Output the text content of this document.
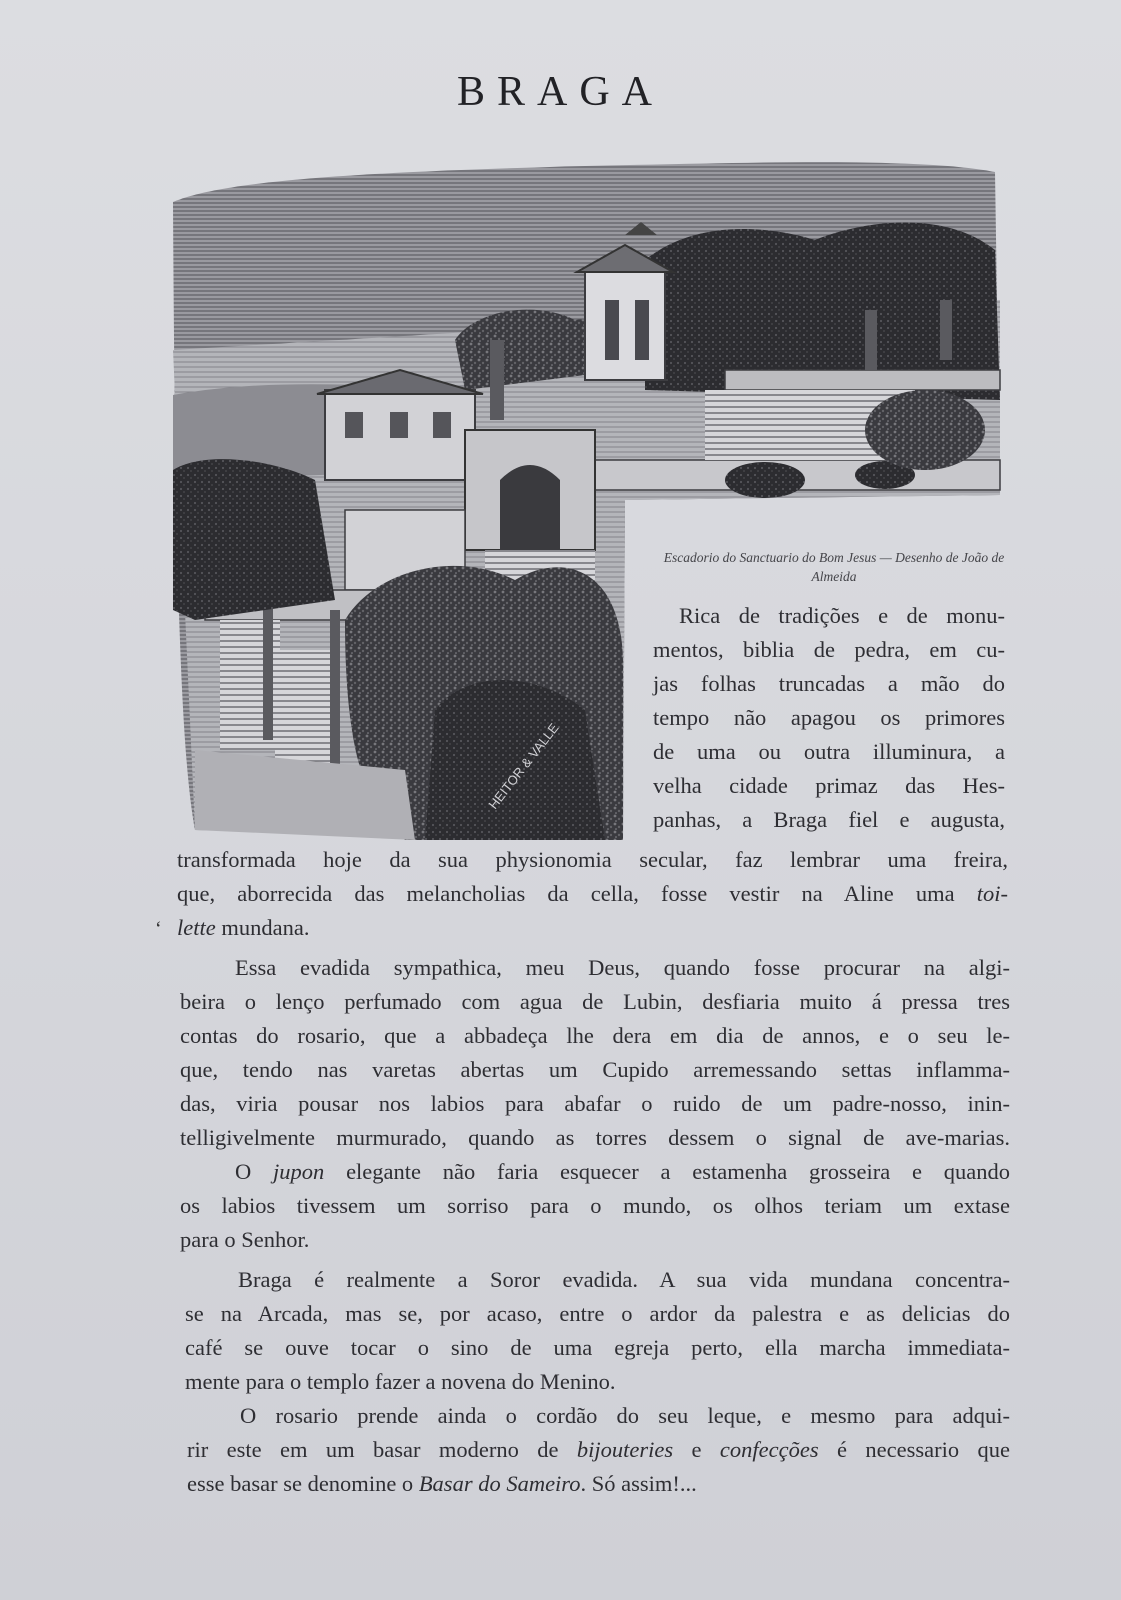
BRAGA
HEITOR & VALLE
Escadorio do Sanctuario do Bom Jesus — Desenho de João de Almeida
Rica de tradições e de monu-
mentos, biblia de pedra, em cu-
jas folhas truncadas a mão do
tempo não apagou os primores
de uma ou outra illuminura, a
velha cidade primaz das Hes-
panhas, a Braga fiel e augusta,
transformada hoje da sua physionomia secular, faz lembrar uma freira,
que, aborrecida das melancholias da cella, fosse vestir na Aline uma toi-
lette mundana.
Essa evadida sympathica, meu Deus, quando fosse procurar na algi-
beira o lenço perfumado com agua de Lubin, desfiaria muito á pressa tres
contas do rosario, que a abbadeça lhe dera em dia de annos, e o seu le-
que, tendo nas varetas abertas um Cupido arremessando settas inflamma-
das, viria pousar nos labios para abafar o ruido de um padre-nosso, inin-
telligivelmente murmurado, quando as torres dessem o signal de ave-marias.
O jupon elegante não faria esquecer a estamenha grosseira e quando
os labios tivessem um sorriso para o mundo, os olhos teriam um extase
para o Senhor.
Braga é realmente a Soror evadida. A sua vida mundana concentra-
se na Arcada, mas se, por acaso, entre o ardor da palestra e as delicias do
café se ouve tocar o sino de uma egreja perto, ella marcha immediata-
mente para o templo fazer a novena do Menino.
O rosario prende ainda o cordão do seu leque, e mesmo para adqui-
rir este em um basar moderno de bijouteries e confecções é necessario que
esse basar se denomine o Basar do Sameiro. Só assim!...
‘
